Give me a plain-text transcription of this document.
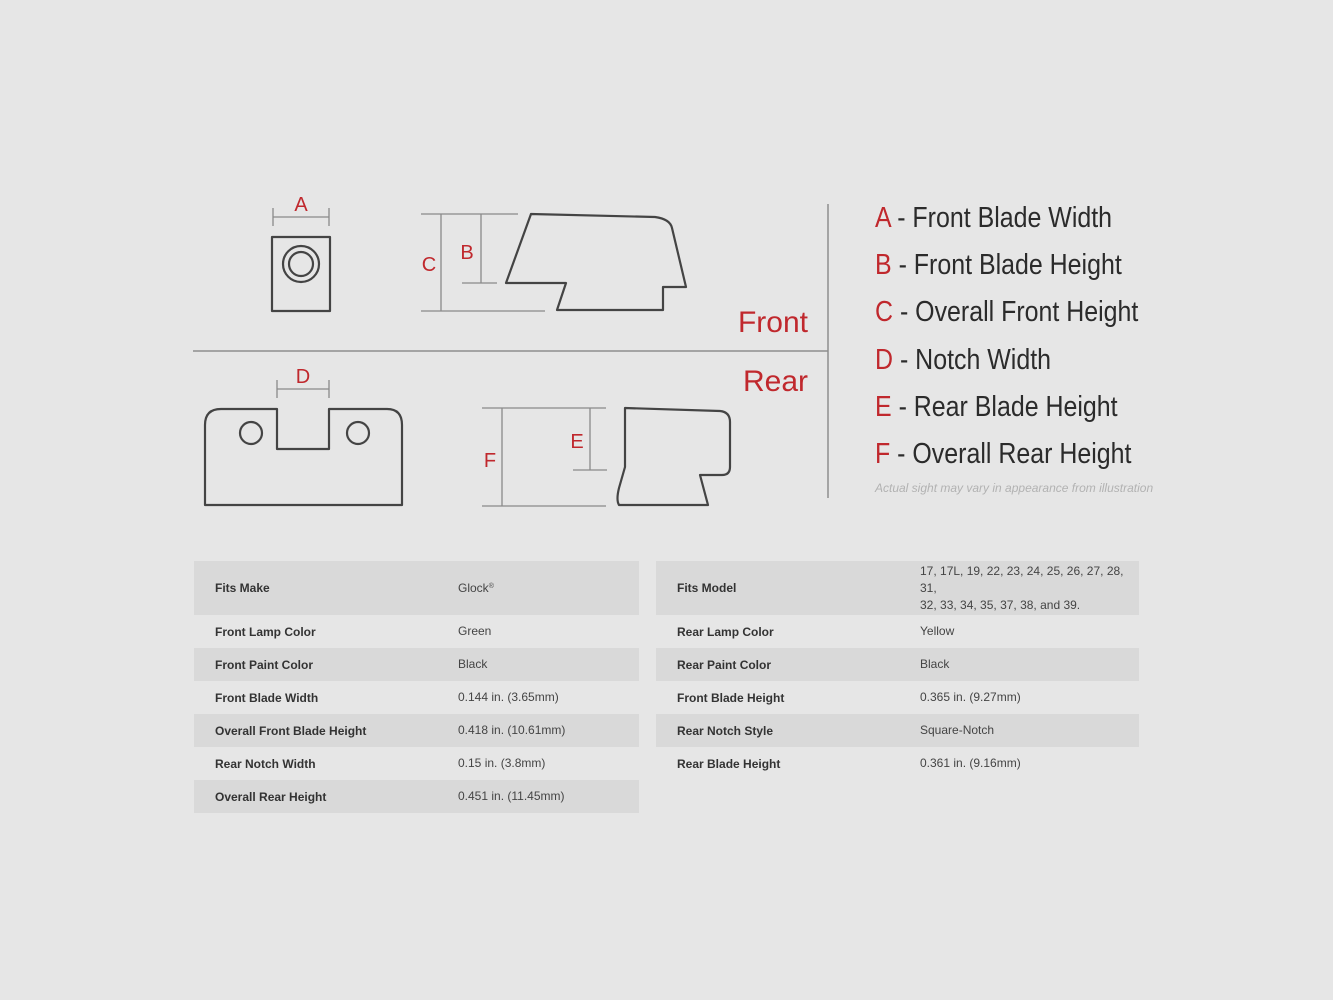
A
C
B
Front
Rear
D
E
F
A - Front Blade Width
B - Front Blade Height
C - Overall Front Height
D - Notch Width
E - Rear Blade Height
F - Overall Rear Height
Actual sight may vary in appearance from illustration
Fits Make	Glock®
Front Lamp Color	Green
Front Paint Color	Black
Front Blade Width	0.144 in. (3.65mm)
Overall Front Blade Height	0.418 in. (10.61mm)
Rear Notch Width	0.15 in. (3.8mm)
Overall Rear Height	0.451 in. (11.45mm)
Fits Model	17, 17L, 19, 22, 23, 24, 25, 26, 27, 28, 31,
32, 33, 34, 35, 37, 38, and 39.
Rear Lamp Color	Yellow
Rear Paint Color	Black
Front Blade Height	0.365 in. (9.27mm)
Rear Notch Style	Square-Notch
Rear Blade Height	0.361 in. (9.16mm)
